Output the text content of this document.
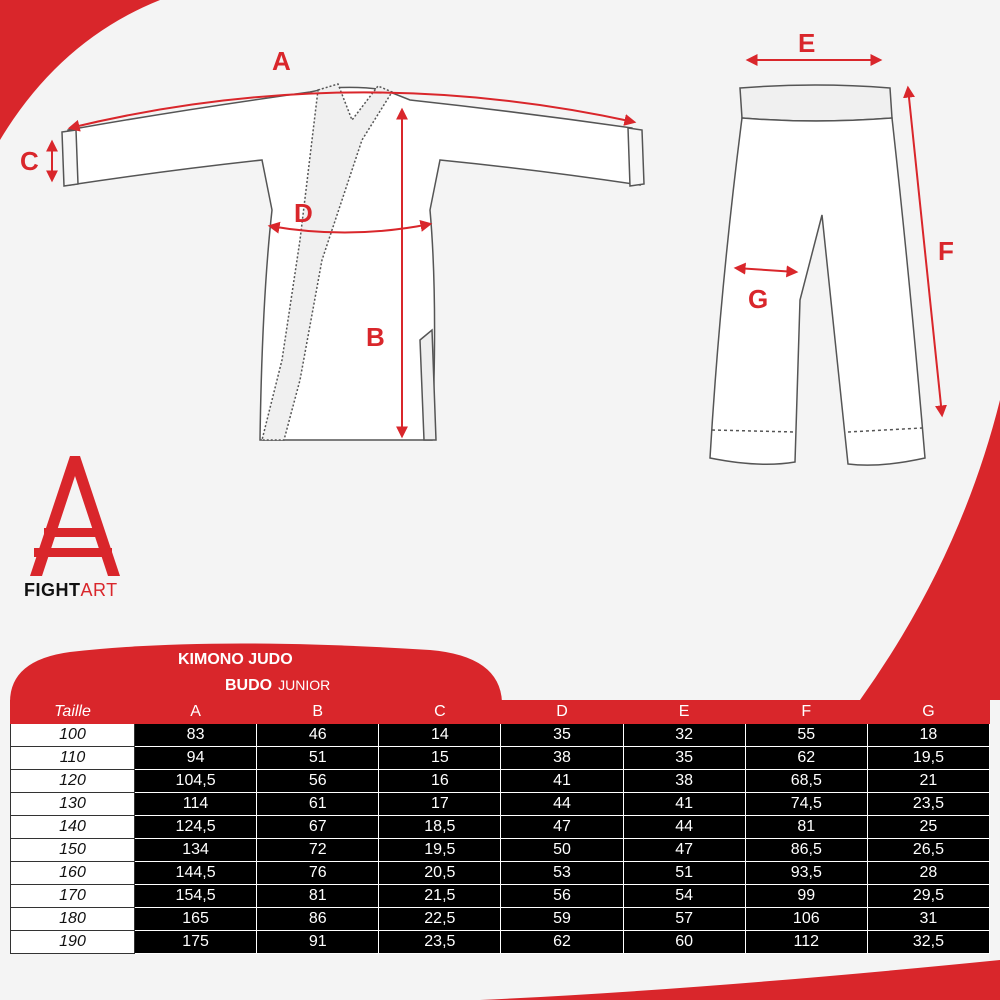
A
C
D
B
E
F
G
FIGHTART
KIMONO JUDO
BUDO JUNIOR
Taille	A	B	C	D	E	F	G
100	83	46	14	35	32	55	18
110	94	51	15	38	35	62	19,5
120	104,5	56	16	41	38	68,5	21
130	114	61	17	44	41	74,5	23,5
140	124,5	67	18,5	47	44	81	25
150	134	72	19,5	50	47	86,5	26,5
160	144,5	76	20,5	53	51	93,5	28
170	154,5	81	21,5	56	54	99	29,5
180	165	86	22,5	59	57	106	31
190	175	91	23,5	62	60	112	32,5
